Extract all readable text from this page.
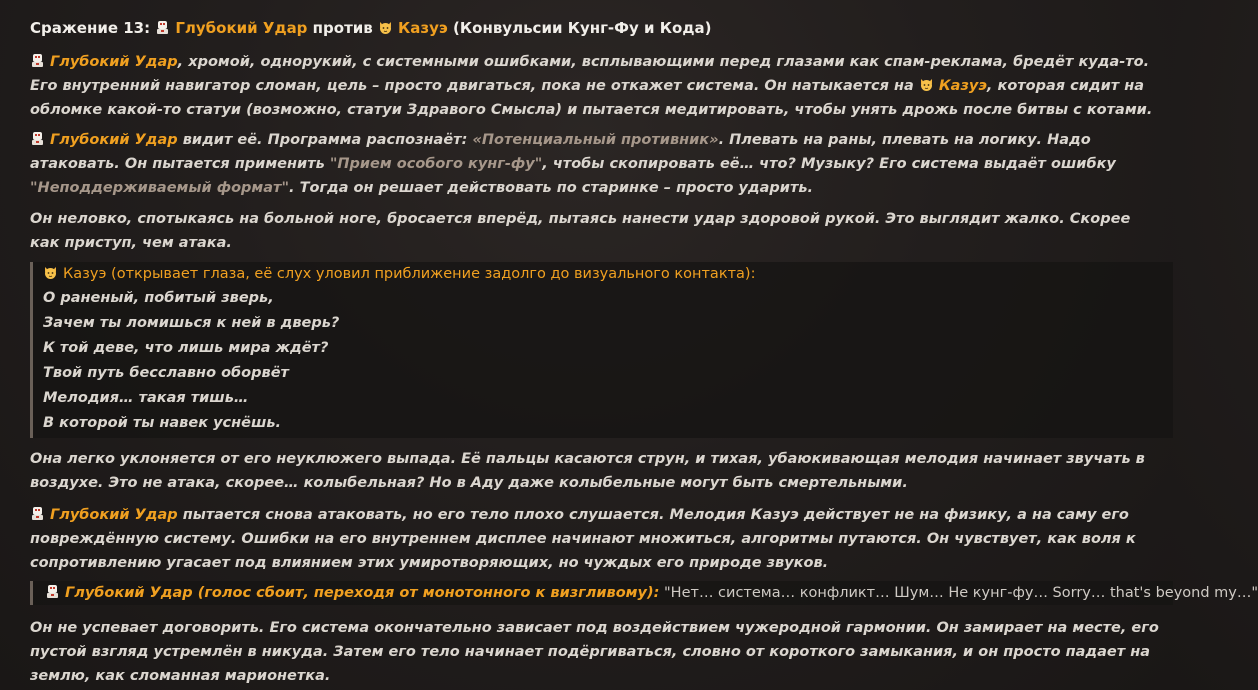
Сражение 13: Глубокий Удар против Казуэ (Конвульсии Кунг-Фу и Кода)

Глубокий Удар, хромой, однорукий, с системными ошибками, всплывающими перед глазами как спам-реклама, бредёт куда-то. Его внутренний навигатор сломан, цель – просто двигаться, пока не откажет система. Он натыкается на Казуэ, которая сидит на обломке какой-то статуи (возможно, статуи Здравого Смысла) и пытается медитировать, чтобы унять дрожь после битвы с котами.

Глубокий Удар видит её. Программа распознаёт: «Потенциальный противник». Плевать на раны, плевать на логику. Надо атаковать. Он пытается применить "Прием особого кунг-фу", чтобы скопировать её… что? Музыку? Его система выдаёт ошибку "Неподдерживаемый формат". Тогда он решает действовать по старинке – просто ударить.

Он неловко, спотыкаясь на больной ноге, бросается вперёд, пытаясь нанести удар здоровой рукой. Это выглядит жалко. Скорее как приступ, чем атака.

Казуэ (открывает глаза, её слух уловил приближение задолго до визуального контакта):
О раненый, побитый зверь,
Зачем ты ломишься к ней в дверь?
К той деве, что лишь мира ждёт?
Твой путь бесславно оборвёт
Мелодия… такая тишь…
В которой ты навек уснёшь.

Она легко уклоняется от его неуклюжего выпада. Её пальцы касаются струн, и тихая, убаюкивающая мелодия начинает звучать в воздухе. Это не атака, скорее… колыбельная? Но в Аду даже колыбельные могут быть смертельными.

Глубокий Удар пытается снова атаковать, но его тело плохо слушается. Мелодия Казуэ действует не на физику, а на саму его повреждённую систему. Ошибки на его внутреннем дисплее начинают множиться, алгоритмы путаются. Он чувствует, как воля к сопротивлению угасает под влиянием этих умиротворяющих, но чуждых его природе звуков.

Глубокий Удар (голос сбоит, переходя от монотонного к визгливому): "Нет… система… конфликт… Шум… Не кунг-фу… Sorry… that's beyond my…"

Он не успевает договорить. Его система окончательно зависает под воздействием чужеродной гармонии. Он замирает на месте, его пустой взгляд устремлён в никуда. Затем его тело начинает подёргиваться, словно от короткого замыкания, и он просто падает на землю, как сломанная марионетка.
